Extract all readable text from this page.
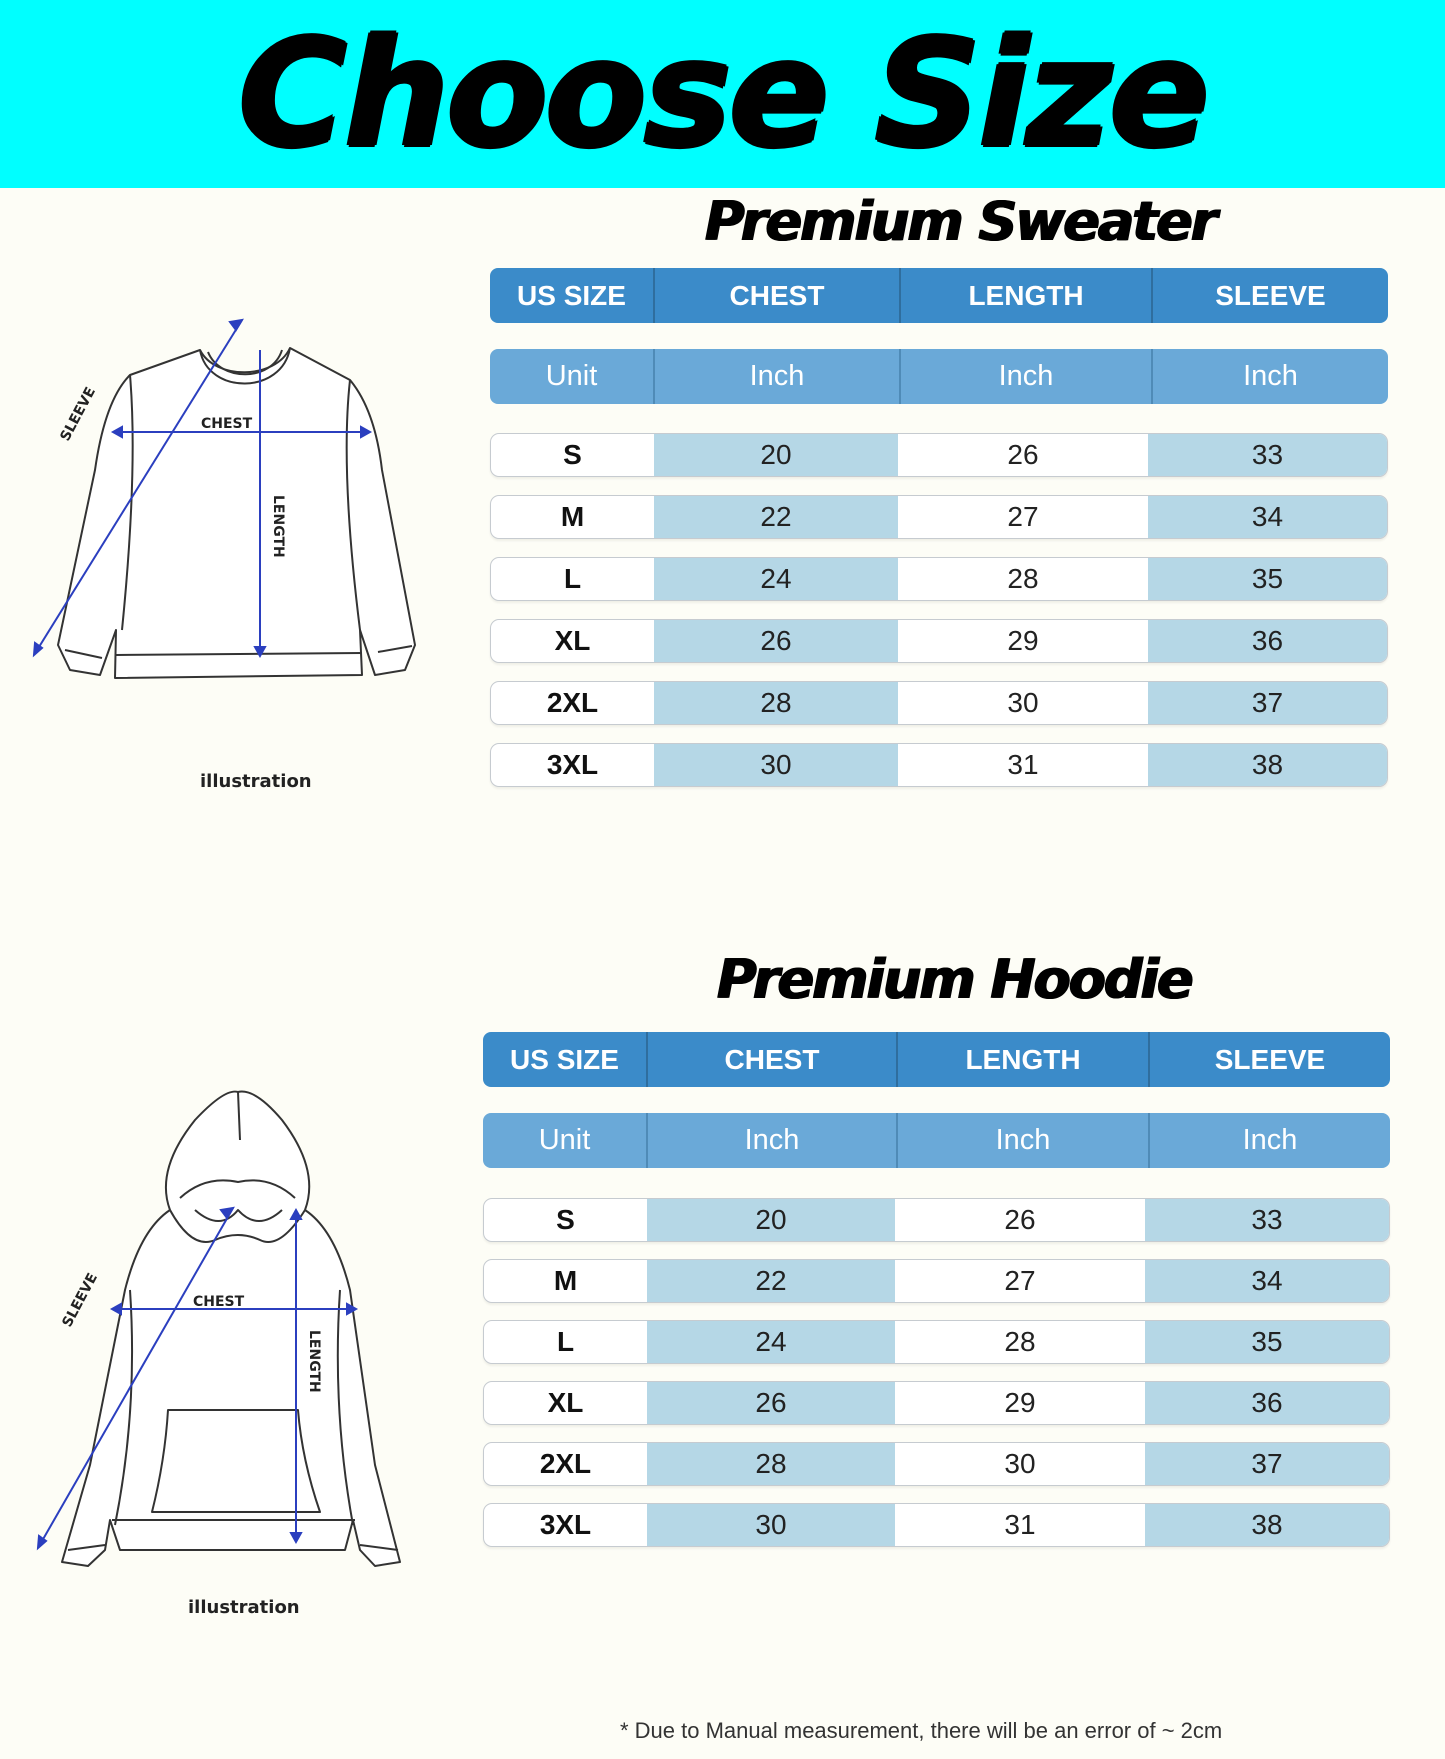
Choose Size
Premium Sweater
CHEST
LENGTH
SLEEVE
illustration
US SIZE	CHEST	LENGTH	SLEEVE
Unit	Inch	Inch	Inch
S	20	26	33
M	22	27	34
L	24	28	35
XL	26	29	36
2XL	28	30	37
3XL	30	31	38
Premium Hoodie
CHEST
LENGTH
SLEEVE
illustration
US SIZE	CHEST	LENGTH	SLEEVE
Unit	Inch	Inch	Inch
S	20	26	33
M	22	27	34
L	24	28	35
XL	26	29	36
2XL	28	30	37
3XL	30	31	38
* Due to Manual measurement, there will be an error of ~ 2cm
